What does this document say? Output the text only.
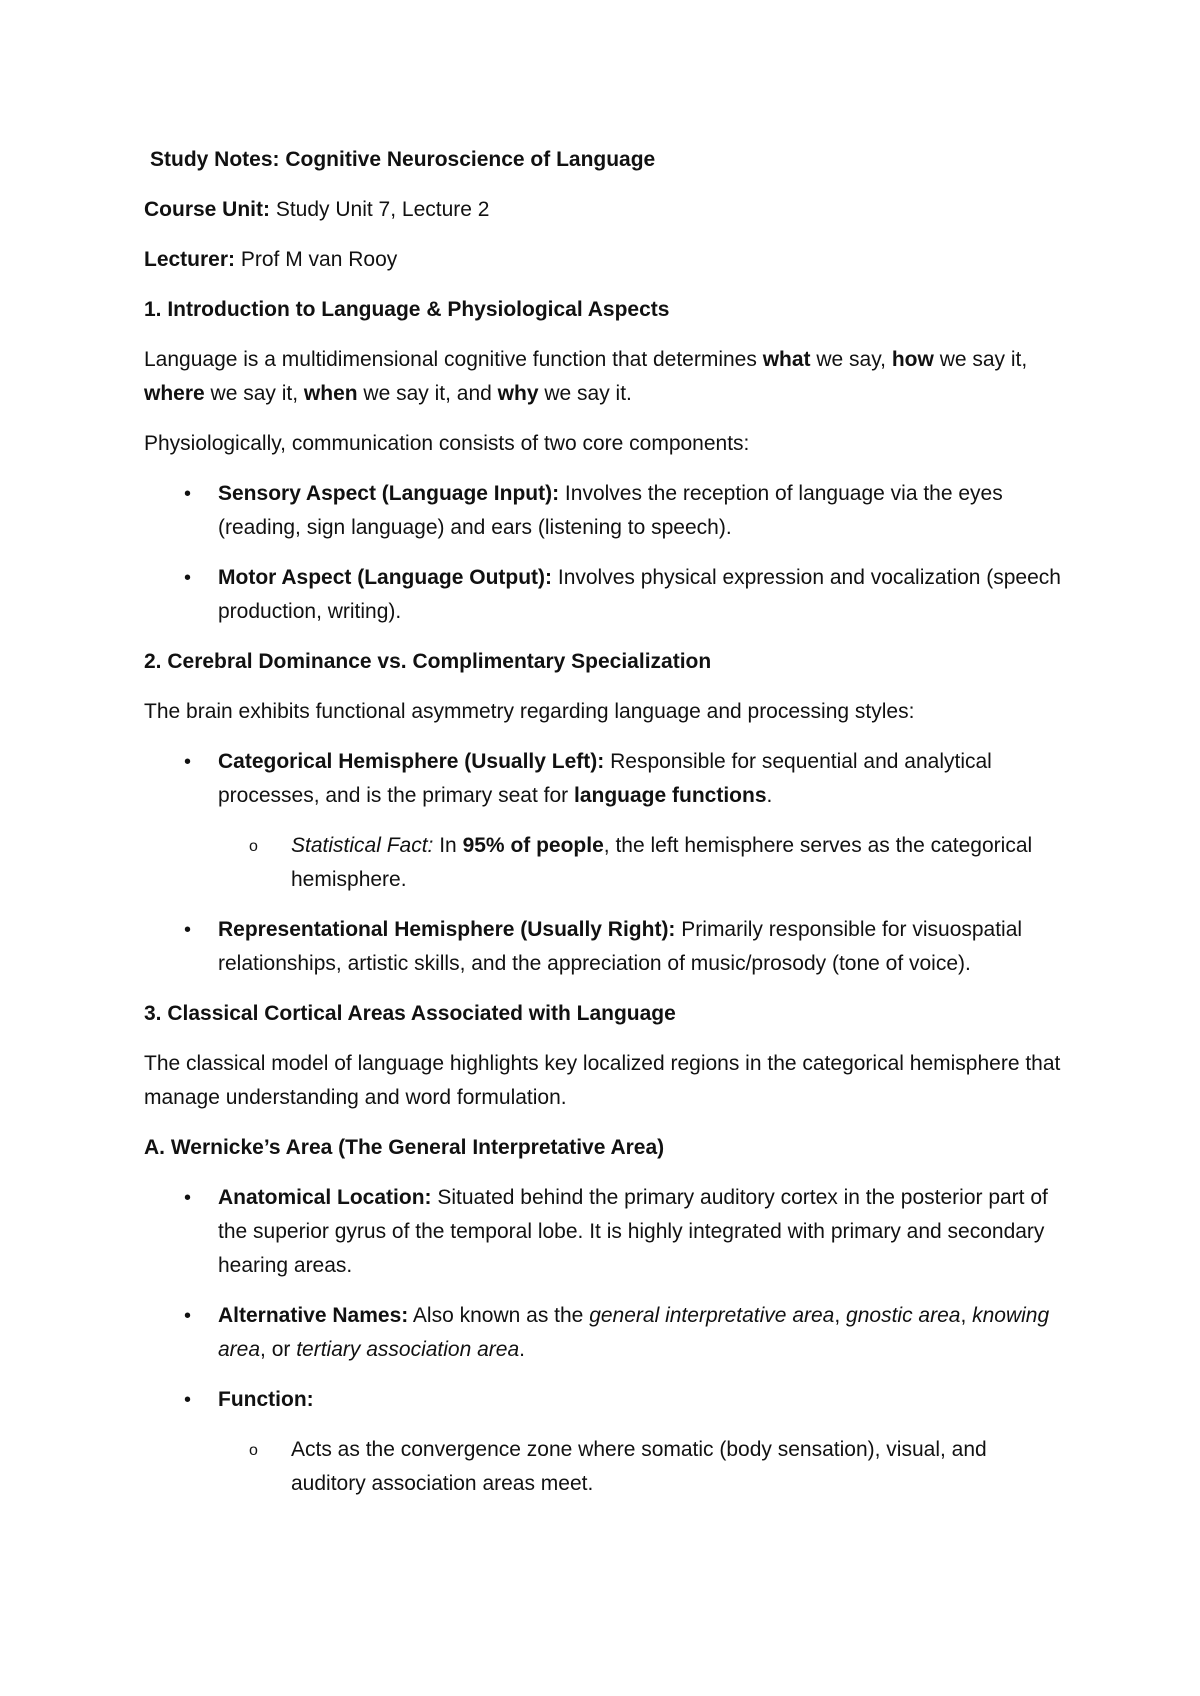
Study Notes: Cognitive Neuroscience of Language

Course Unit: Study Unit 7, Lecture 2

Lecturer: Prof M van Rooy

1. Introduction to Language & Physiological Aspects

Language is a multidimensional cognitive function that determines what we say, how we say it, where we say it, when we say it, and why we say it.

Physiologically, communication consists of two core components:

•	Sensory Aspect (Language Input): Involves the reception of language via the eyes (reading, sign language) and ears (listening to speech).
•	Motor Aspect (Language Output): Involves physical expression and vocalization (speech production, writing).
2. Cerebral Dominance vs. Complimentary Specialization

The brain exhibits functional asymmetry regarding language and processing styles:

•	Categorical Hemisphere (Usually Left): Responsible for sequential and analytical processes, and is the primary seat for language functions.
o Statistical Fact: In 95% of people, the left hemisphere serves as the categorical hemisphere.
•	Representational Hemisphere (Usually Right): Primarily responsible for visuospatial relationships, artistic skills, and the appreciation of music/prosody (tone of voice).
3. Classical Cortical Areas Associated with Language

The classical model of language highlights key localized regions in the categorical hemisphere that manage understanding and word formulation.

A. Wernicke’s Area (The General Interpretative Area)
•	Anatomical Location: Situated behind the primary auditory cortex in the posterior part of the superior gyrus of the temporal lobe. It is highly integrated with primary and secondary hearing areas.
•	Alternative Names: Also known as the general interpretative area, gnostic area, knowing area, or tertiary association area.
•	Function:
o Acts as the convergence zone where somatic (body sensation), visual, and auditory association areas meet.
